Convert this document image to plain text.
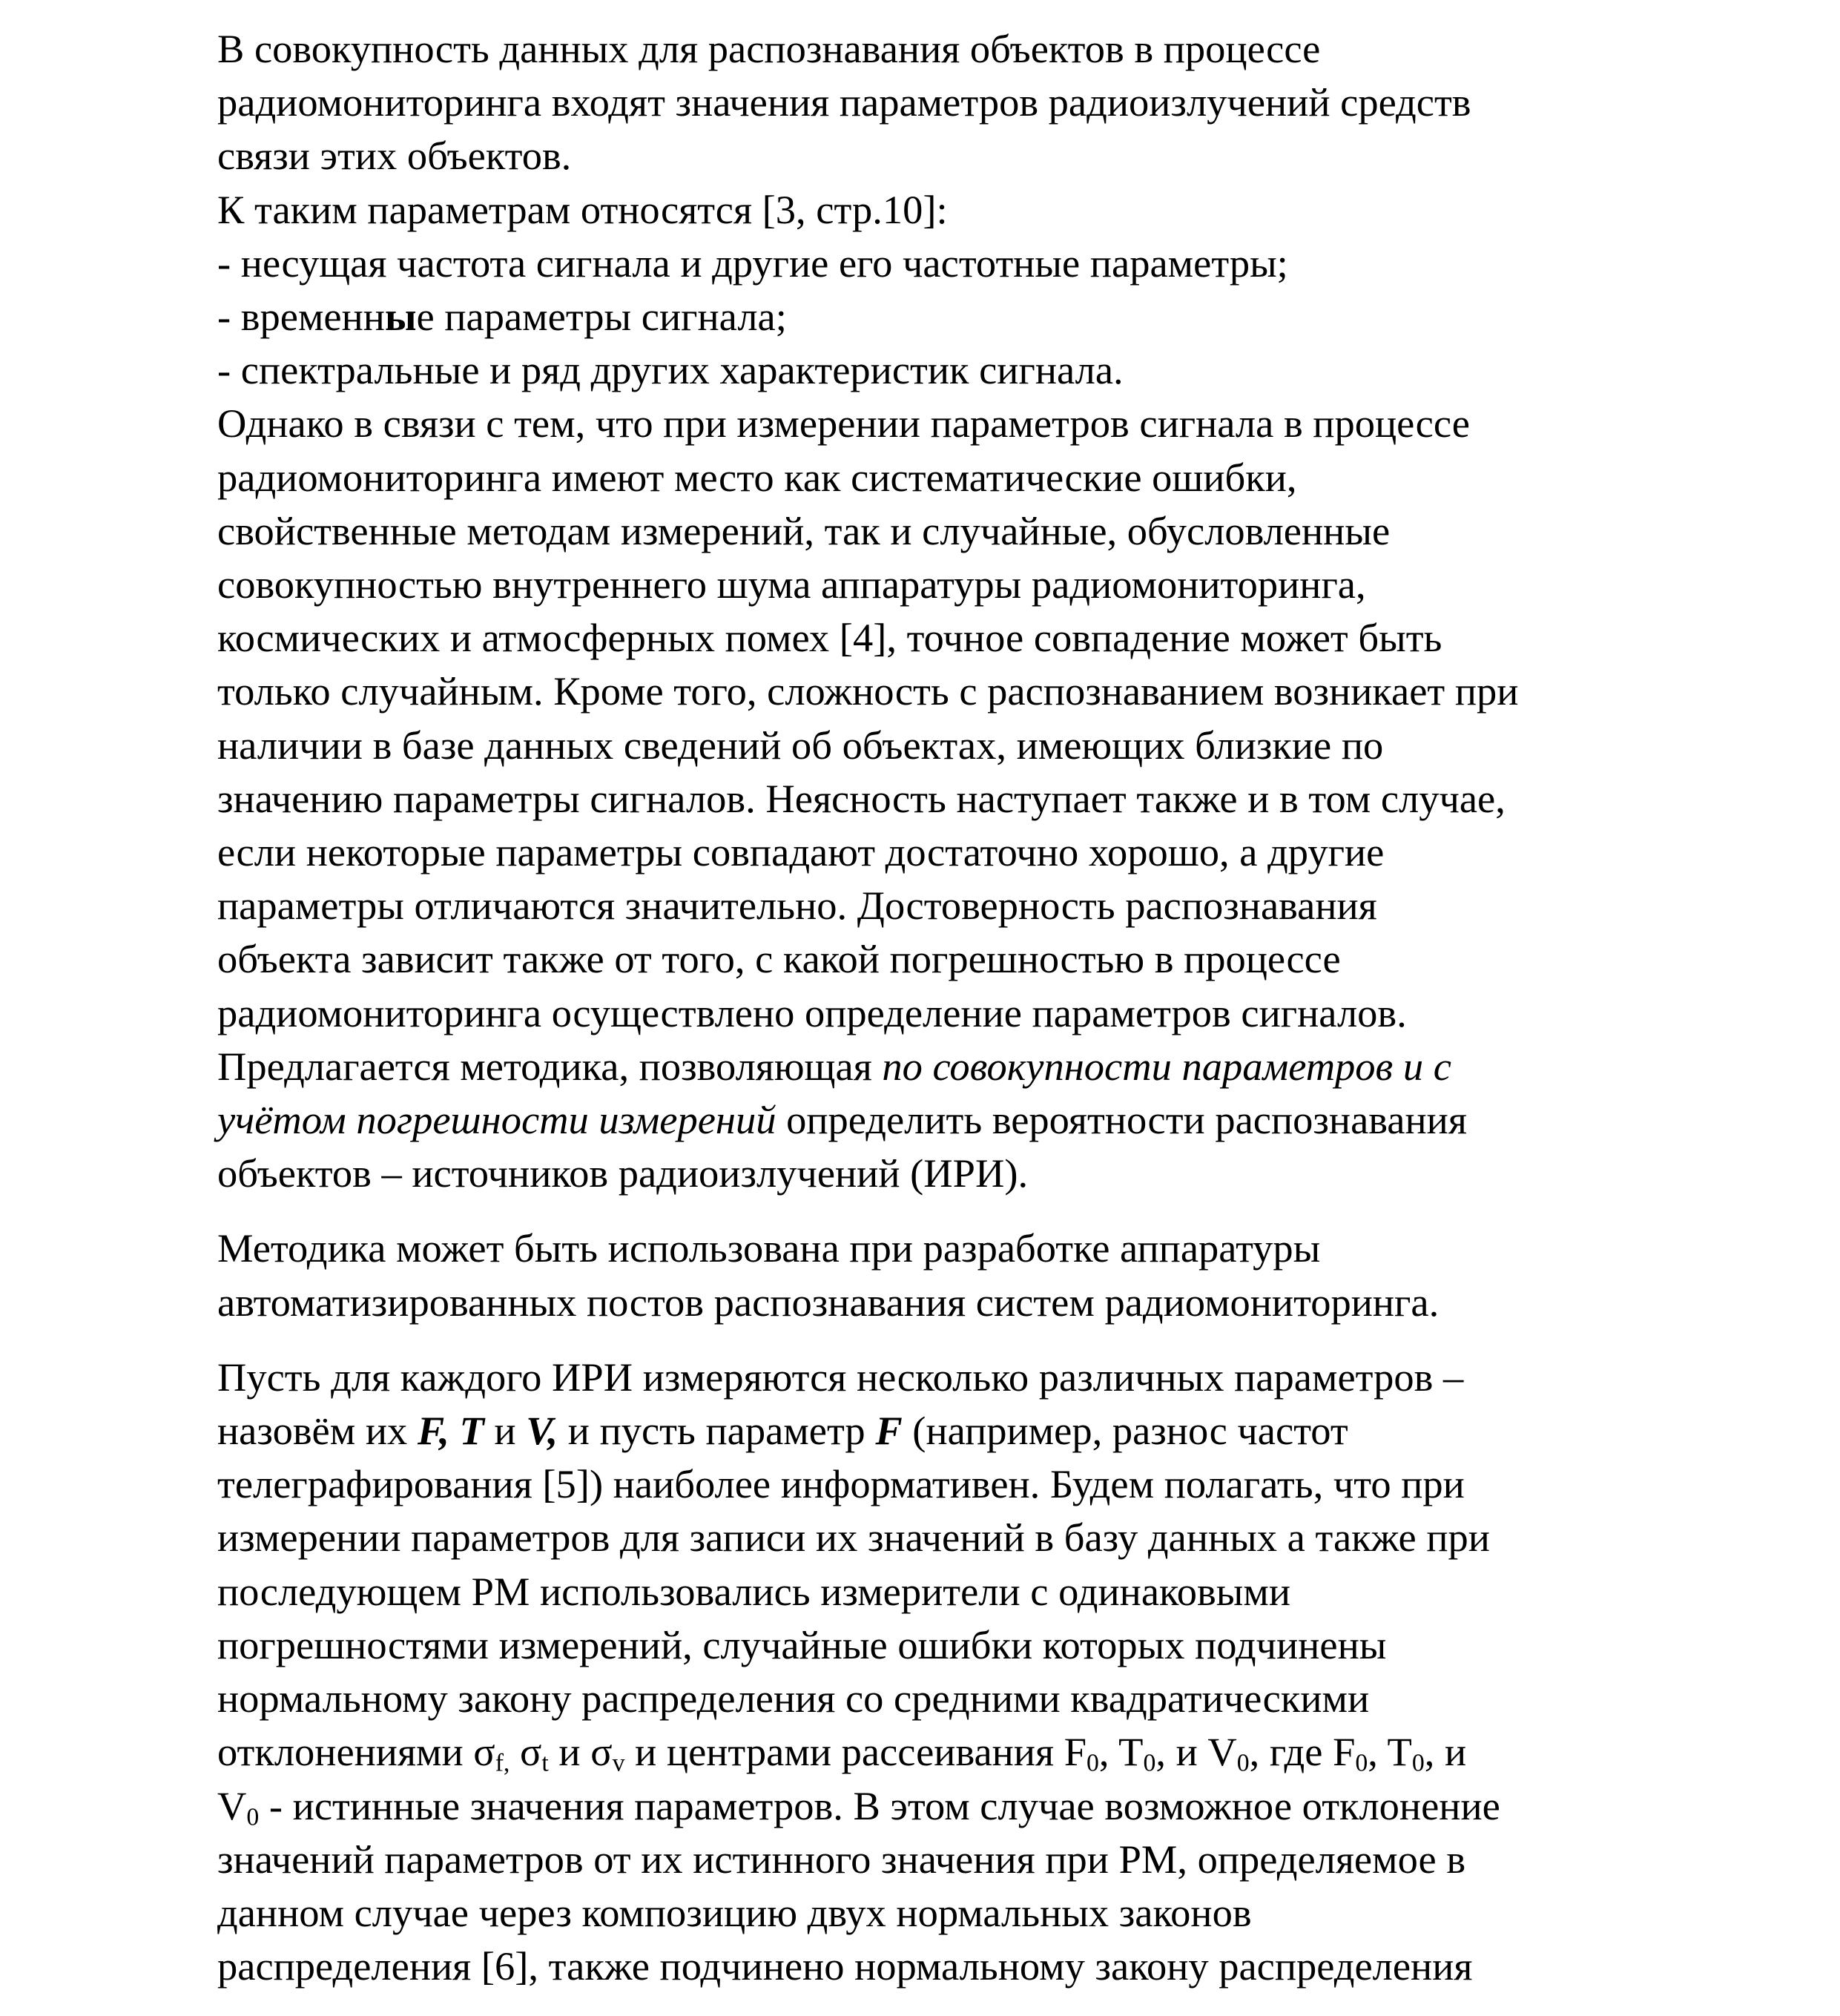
В совокупность данных для распознавания объектов в процессе
радиомониторинга входят значения параметров радиоизлучений средств
связи этих объектов.
К таким параметрам относятся [3, стр.10]:
- несущая частота сигнала и другие его частотные параметры;
- временные параметры сигнала;
- спектральные и ряд других характеристик сигнала.
Однако в связи с тем, что при измерении параметров сигнала в процессе
радиомониторинга имеют место как систематические ошибки,
свойственные методам измерений, так и случайные, обусловленные
совокупностью внутреннего шума аппаратуры радиомониторинга,
космических и атмосферных помех [4], точное совпадение может быть
только случайным. Кроме того, сложность с распознаванием возникает при
наличии в базе данных сведений об объектах, имеющих близкие по
значению параметры сигналов. Неясность наступает также и в том случае,
если некоторые параметры совпадают достаточно хорошо, а другие
параметры отличаются значительно. Достоверность распознавания
объекта зависит также от того, с какой погрешностью в процессе
радиомониторинга осуществлено определение параметров сигналов.
Предлагается методика, позволяющая по совокупности параметров и с
учётом погрешности измерений определить вероятности распознавания
объектов – источников радиоизлучений (ИРИ).
Методика может быть использована при разработке аппаратуры
автоматизированных постов распознавания систем радиомониторинга.
Пусть для каждого ИРИ измеряются несколько различных параметров –
назовём их F, T и V, и пусть параметр F (например, разнос частот
телеграфирования [5]) наиболее информативен. Будем полагать, что при
измерении параметров для записи их значений в базу данных а также при
последующем РМ использовались измерители с одинаковыми
погрешностями измерений, случайные ошибки которых подчинены
нормальному закону распределения со средними квадратическими
отклонениями $\sigma_{f,}$ $\sigma_t$ и $\sigma_v$ и центрами рассеивания $F_0$, $T_0$, и $V_0$, где $F_0$, $T_0$, и
$V_0$ - истинные значения параметров. В этом случае возможное отклонение
значений параметров от их истинного значения при РМ, определяемое в
данном случае через композицию двух нормальных законов
распределения [6], также подчинено нормальному закону распределения
